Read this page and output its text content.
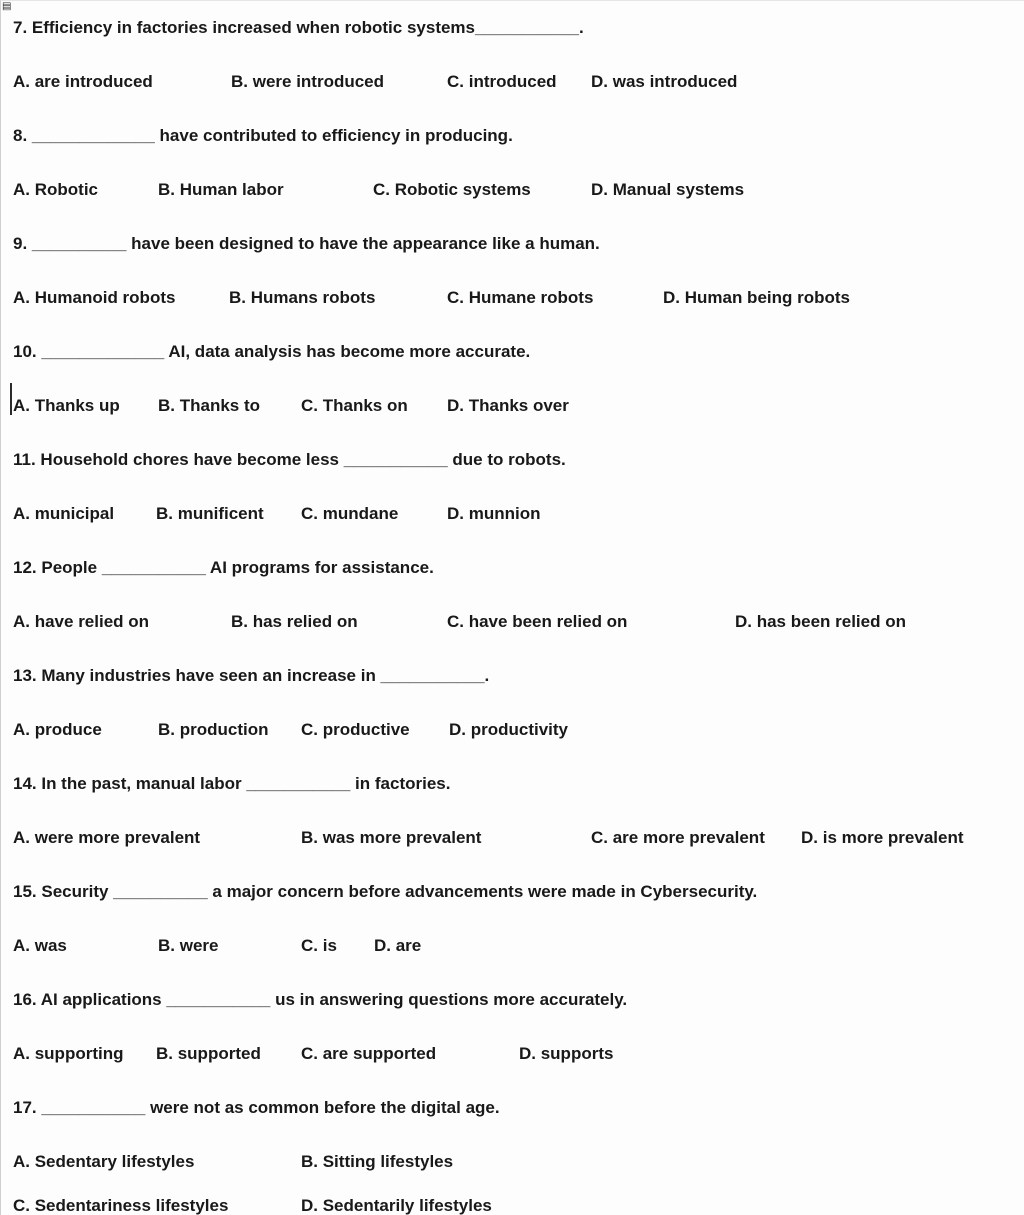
▤
7. Efficiency in factories increased when robotic systems___________.
A. are introduced	B. were introduced	C. introduced D. was introduced
8. _____________ have contributed to efficiency in producing.
A. Robotic	B. Human labor	C. Robotic systems	D. Manual systems
9. __________ have been designed to have the appearance like a human.
A. Humanoid robots	B. Humans robots	C. Humane robots	D. Human being robots
10. _____________ AI, data analysis has become more accurate.
A. Thanks up B. Thanks to C. Thanks on D. Thanks over
11. Household chores have become less ___________ due to robots.
A. municipal B. munificent C. mundane	D. munnion
12. People ___________ AI programs for assistance.
A. have relied on	B. has relied on	C. have been relied on	D. has been relied on
13. Many industries have seen an increase in ___________.
A. produce	B. production C. productive D. productivity
14. In the past, manual labor ___________ in factories.
A. were more prevalent	B. was more prevalent	C. are more prevalent D. is more prevalent
15. Security __________ a major concern before advancements were made in Cybersecurity.
A. was	B. were	C. is D. are
16. AI applications ___________ us in answering questions more accurately.
A. supporting B. supported C. are supported	D. supports
17. ___________ were not as common before the digital age.
A. Sedentary lifestyles	B. Sitting lifestyles
C. Sedentariness lifestyles	D. Sedentarily lifestyles
